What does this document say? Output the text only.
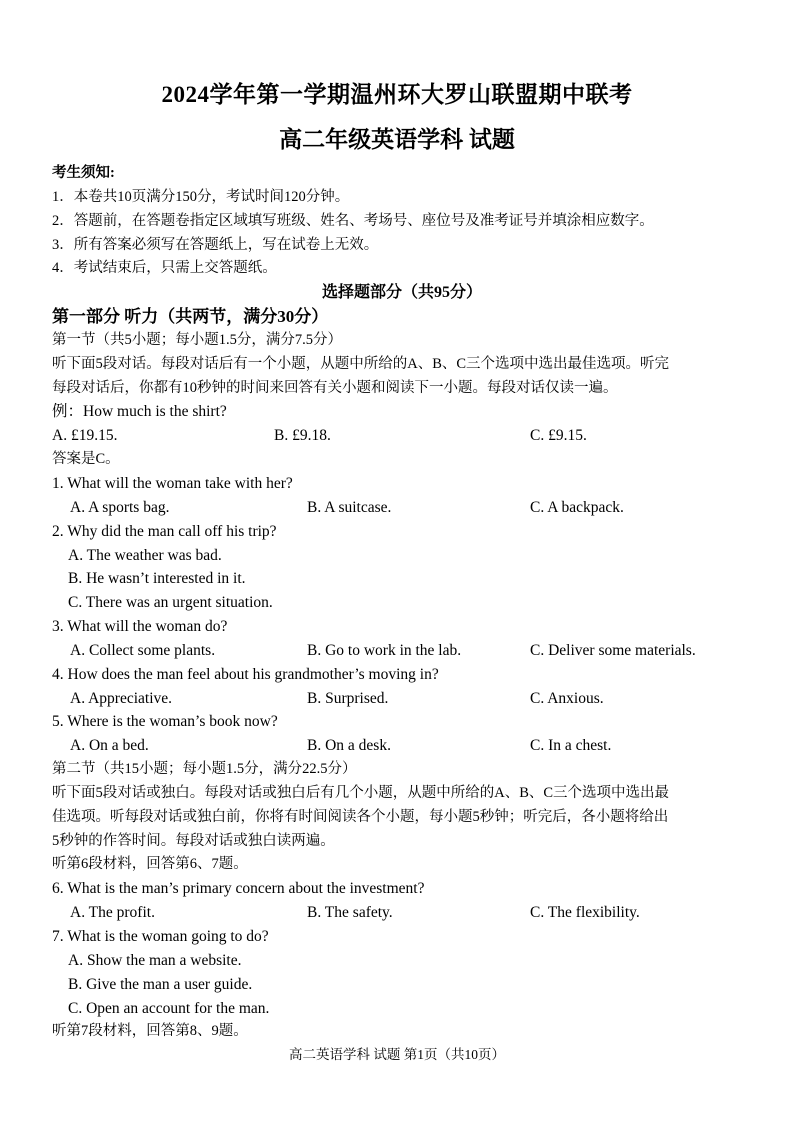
2024学年第一学期温州环大罗山联盟期中联考
高二年级英语学科 试题
考生须知:
1．本卷共10页满分150分，考试时间120分钟。
2．答题前，在答题卷指定区域填写班级、姓名、考场号、座位号及准考证号并填涂相应数字。
3．所有答案必须写在答题纸上，写在试卷上无效。
4．考试结束后，只需上交答题纸。
选择题部分（共95分）
第一部分 听力（共两节，满分30分）
第一节（共5小题；每小题1.5分，满分7.5分）
听下面5段对话。每段对话后有一个小题，从题中所给的A、B、C三个选项中选出最佳选项。听完
每段对话后，你都有10秒钟的时间来回答有关小题和阅读下一小题。每段对话仅读一遍。
例：How much is the shirt?
A. £19.15.	B. £9.18.	C. £9.15.
答案是C。
1. What will the woman take with her?
A. A sports bag.	B. A suitcase.	C. A backpack.
2. Why did the man call off his trip?
A. The weather was bad.
B. He wasn’t interested in it.
C. There was an urgent situation.
3. What will the woman do?
A. Collect some plants.	B. Go to work in the lab.	C. Deliver some materials.
4. How does the man feel about his grandmother’s moving in?
A. Appreciative.	B. Surprised.	C. Anxious.
5. Where is the woman’s book now?
A. On a bed.	B. On a desk.	C. In a chest.
第二节（共15小题；每小题1.5分，满分22.5分）
听下面5段对话或独白。每段对话或独白后有几个小题，从题中所给的A、B、C三个选项中选出最
佳选项。听每段对话或独白前，你将有时间阅读各个小题，每小题5秒钟；听完后，各小题将给出
5秒钟的作答时间。每段对话或独白读两遍。
听第6段材料，回答第6、7题。
6. What is the man’s primary concern about the investment?
A. The profit.	B. The safety.	C. The flexibility.
7. What is the woman going to do?
A. Show the man a website.
B. Give the man a user guide.
C. Open an account for the man.
听第7段材料，回答第8、9题。
高二英语学科 试题 第1页（共10页）
